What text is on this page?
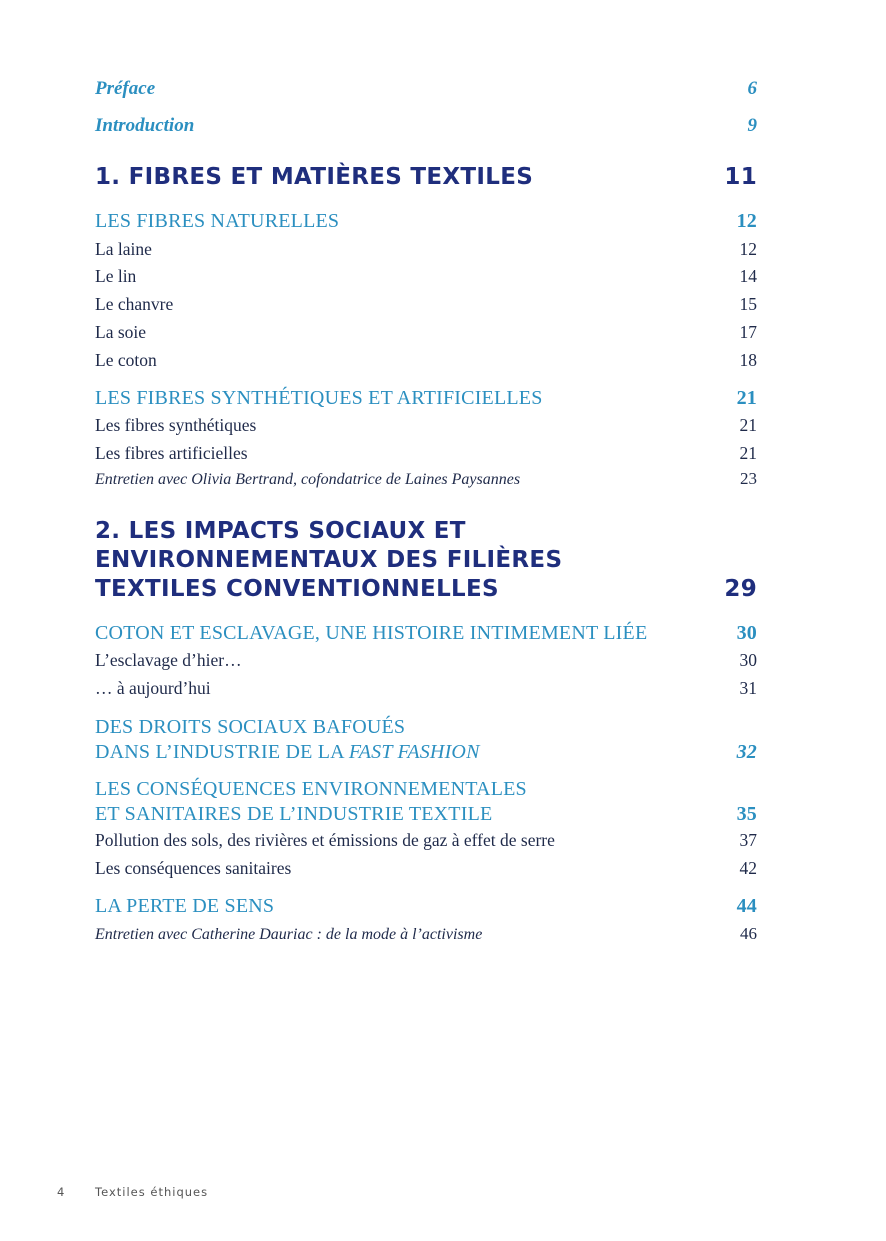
Préface	6
Introduction	9
1. FIBRES ET MATIÈRES TEXTILES	11
LES FIBRES NATURELLES	12
La laine	12
Le lin	14
Le chanvre	15
La soie	17
Le coton	18
LES FIBRES SYNTHÉTIQUES ET ARTIFICIELLES	21
Les fibres synthétiques	21
Les fibres artificielles	21
Entretien avec Olivia Bertrand, cofondatrice de Laines Paysannes	23
2. LES IMPACTS SOCIAUX ET
ENVIRONNEMENTAUX DES FILIÈRES
TEXTILES CONVENTIONNELLES	29
COTON ET ESCLAVAGE, UNE HISTOIRE INTIMEMENT LIÉE	30
L’esclavage d’hier…	30
… à aujourd’hui	31
DES DROITS SOCIAUX BAFOUÉS
DANS L’INDUSTRIE DE LA FAST FASHION	32
LES CONSÉQUENCES ENVIRONNEMENTALES
ET SANITAIRES DE L’INDUSTRIE TEXTILE	35
Pollution des sols, des rivières et émissions de gaz à effet de serre	37
Les conséquences sanitaires	42
LA PERTE DE SENS	44
Entretien avec Catherine Dauriac : de la mode à l’activisme	46
4	Textiles éthiques
